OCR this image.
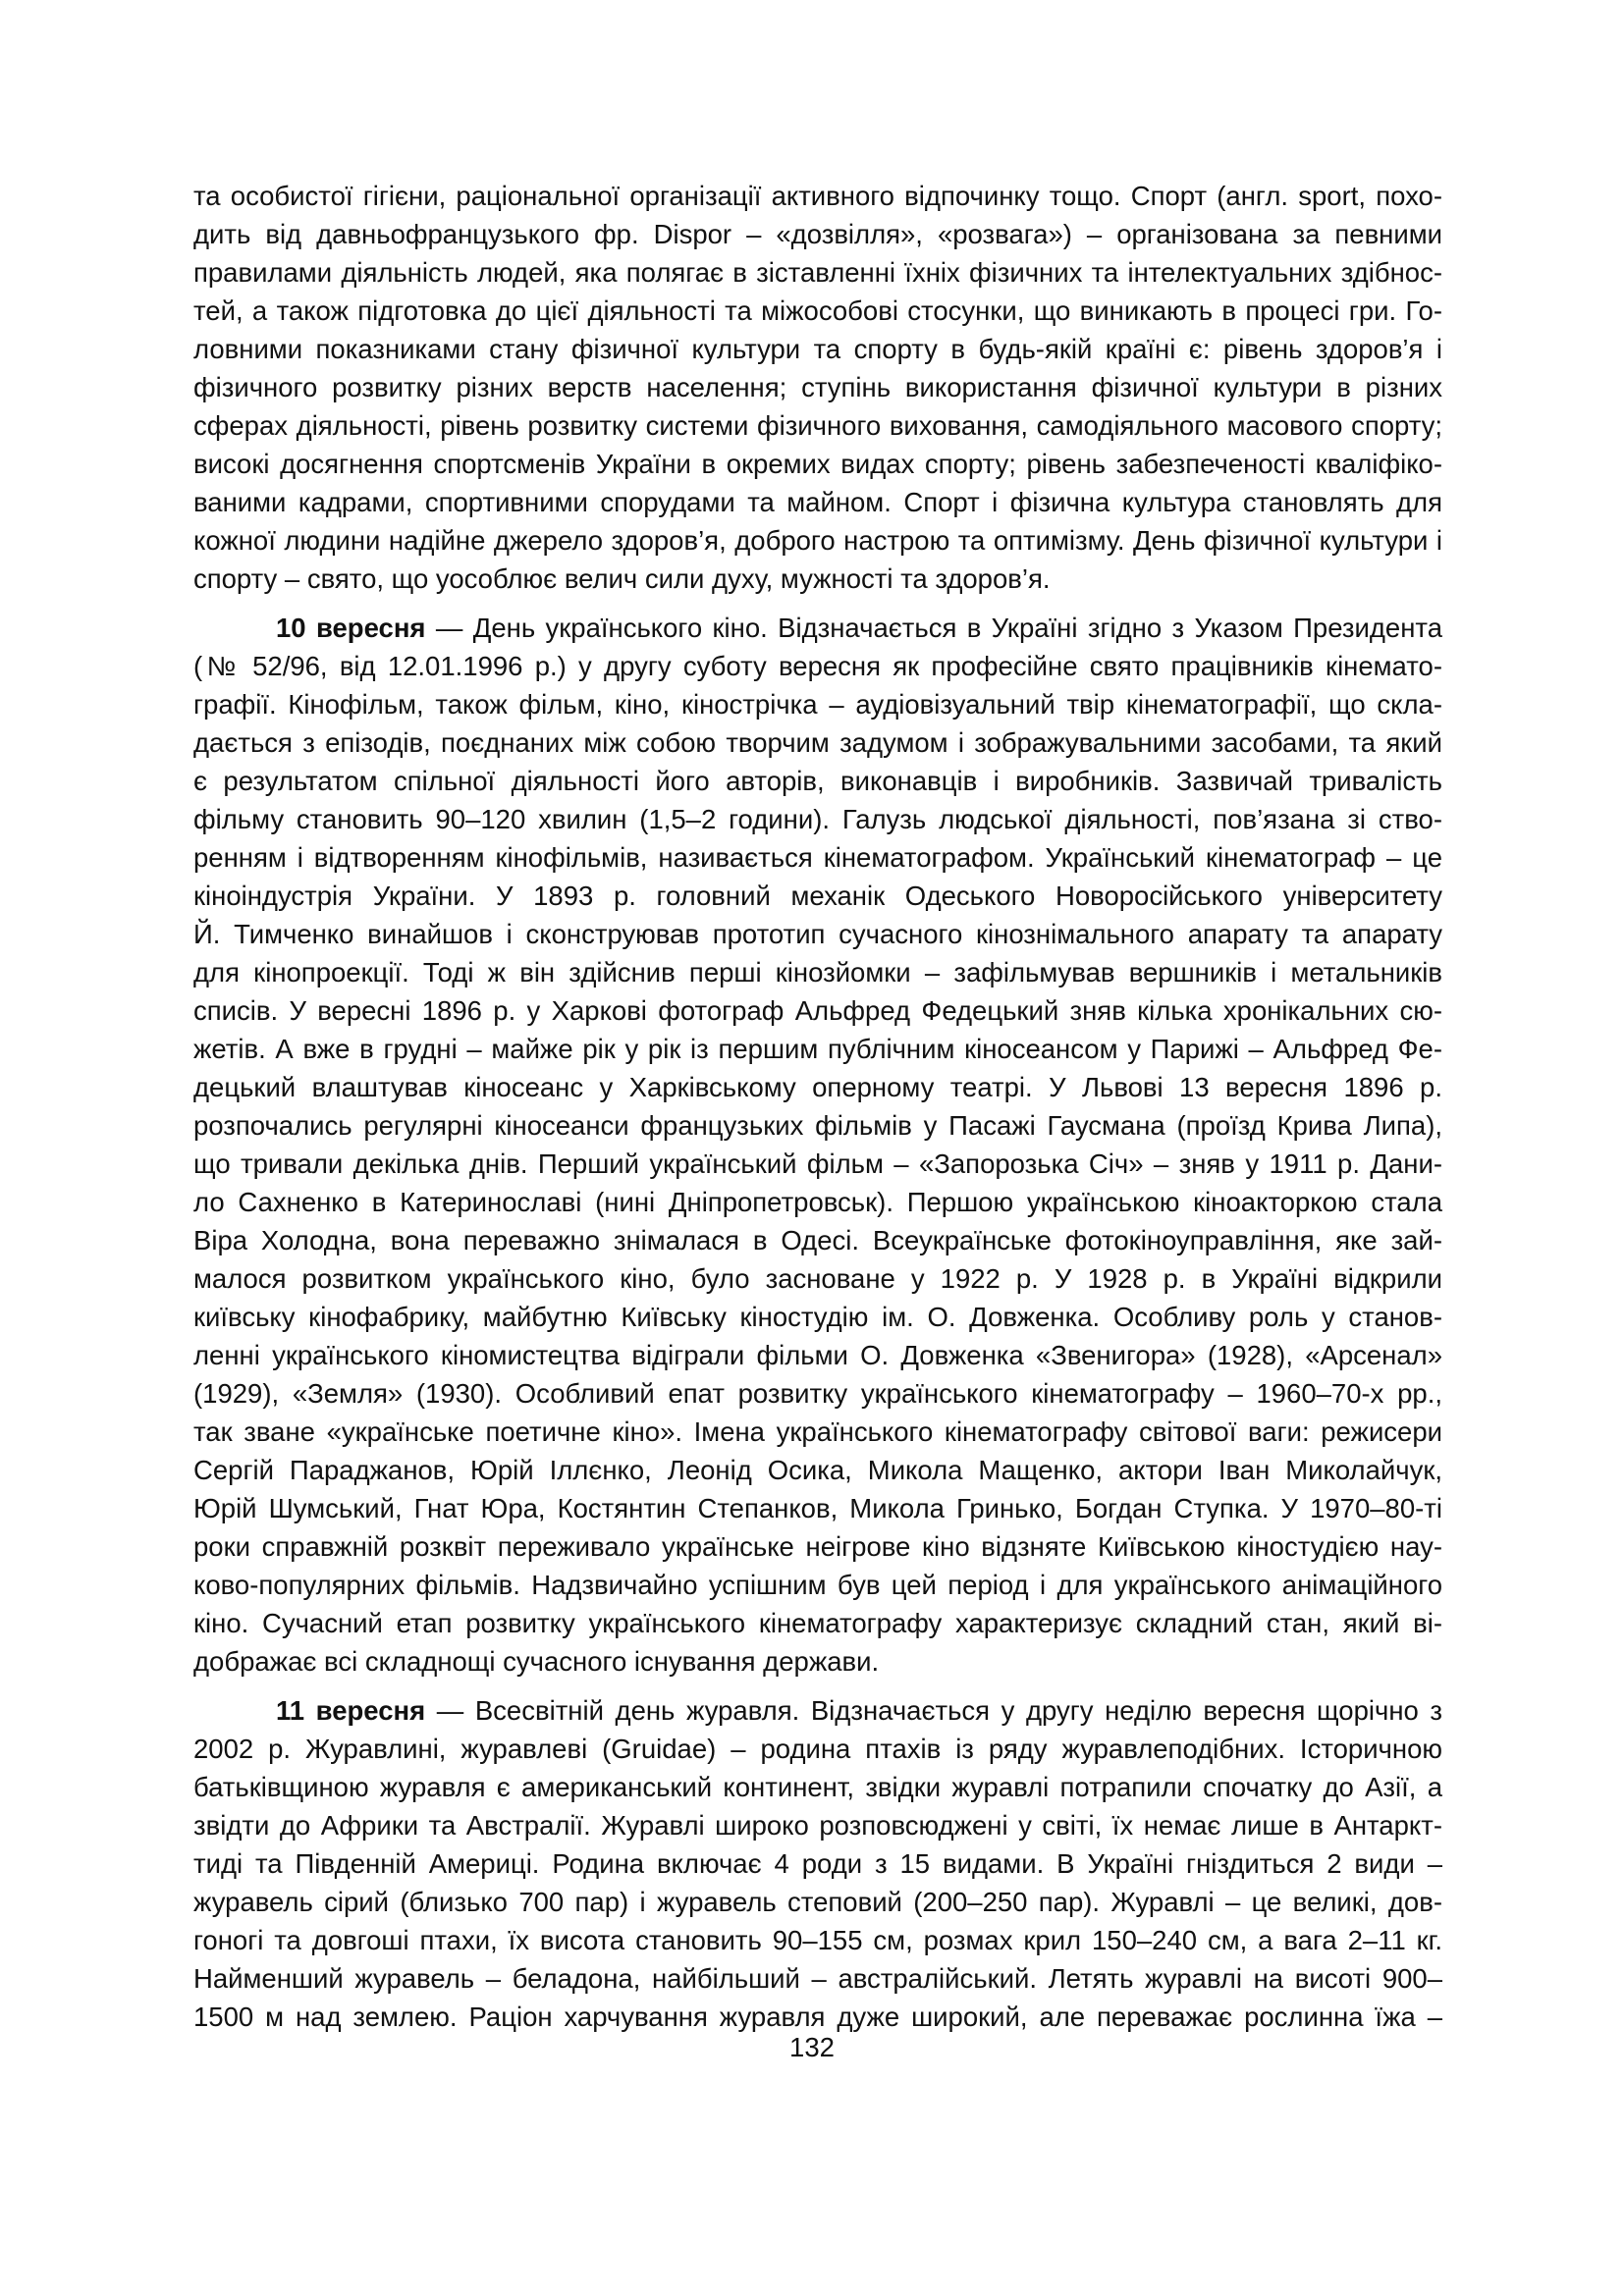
та особистої гігієни, раціональної організації активного відпочинку тощо. Спорт (англ. sport, похо-
дить від давньофранцузького фр. Dispor – «дозвілля», «розвага») – організована за певними
правилами діяльність людей, яка полягає в зіставленні їхніх фізичних та інтелектуальних здібнос-
тей, а також підготовка до цієї діяльності та міжособові стосунки, що виникають в процесі гри. Го-
ловними показниками стану фізичної культури та спорту в будь-якій країні є: рівень здоров’я і
фізичного розвитку різних верств населення; ступінь використання фізичної культури в різних
сферах діяльності, рівень розвитку системи фізичного виховання, самодіяльного масового спорту;
високі досягнення спортсменів України в окремих видах спорту; рівень забезпеченості кваліфіко-
ваними кадрами, спортивними спорудами та майном. Спорт і фізична культура становлять для
кожної людини надійне джерело здоров’я, доброго настрою та оптимізму. День фізичної культури і
спорту – свято, що уособлює велич сили духу, мужності та здоров’я.
10 вересня — День українського кіно. Відзначається в Україні згідно з Указом Президента
(№ 52/96, від 12.01.1996 р.) у другу суботу вересня як професійне свято працівників кінемато-
графії. Кінофільм, також фільм, кіно, кінострічка – аудіовізуальний твір кінематографії, що скла-
дається з епізодів, поєднаних між собою творчим задумом і зображувальними засобами, та який
є результатом спільної діяльності його авторів, виконавців і виробників. Зазвичай тривалість
фільму становить 90–120 хвилин (1,5–2 години). Галузь людської діяльності, пов’язана зі ство-
ренням і відтворенням кінофільмів, називається кінематографом. Український кінематограф – це
кіноіндустрія України. У 1893 р. головний механік Одеського Новоросійського університету
Й. Тимченко винайшов і сконструював прототип сучасного кінознімального апарату та апарату
для кінопроекції. Тоді ж він здійснив перші кінозйомки – зафільмував вершників і метальників
списів. У вересні 1896 р. у Харкові фотограф Альфред Федецький зняв кілька хронікальних сю-
жетів. А вже в грудні – майже рік у рік із першим публічним кіносеансом у Парижі – Альфред Фе-
децький влаштував кіносеанс у Харківському оперному театрі. У Львові 13 вересня 1896 р.
розпочались регулярні кіносеанси французьких фільмів у Пасажі Гаусмана (проїзд Крива Липа),
що тривали декілька днів. Перший український фільм – «Запорозька Січ» – зняв у 1911 р. Дани-
ло Сахненко в Катеринославі (нині Дніпропетровськ). Першою українською кіноакторкою стала
Віра Холодна, вона переважно знімалася в Одесі. Всеукраїнське фотокіноуправління, яке зай-
малося розвитком українського кіно, було засноване у 1922 р. У 1928 р. в Україні відкрили
київську кінофабрику, майбутню Київську кіностудію ім. О. Довженка. Особливу роль у станов-
ленні українського кіномистецтва відіграли фільми О. Довженка «Звенигора» (1928), «Арсенал»
(1929), «Земля» (1930). Особливий епат розвитку українського кінематографу – 1960–70-х рр.,
так зване «українське поетичне кіно». Імена українського кінематографу світової ваги: режисери
Сергій Параджанов, Юрій Іллєнко, Леонід Осика, Микола Мащенко, актори Іван Миколайчук,
Юрій Шумський, Гнат Юра, Костянтин Степанков, Микола Гринько, Богдан Ступка. У 1970–80-ті
роки справжній розквіт переживало українське неігрове кіно відзняте Київською кіностудією нау-
ково-популярних фільмів. Надзвичайно успішним був цей період і для українського анімаційного
кіно. Сучасний етап розвитку українського кінематографу характеризує складний стан, який ві-
дображає всі складнощі сучасного існування держави.
11 вересня — Всесвітній день журавля. Відзначається у другу неділю вересня щорічно з
2002 р. Журавлині, журавлеві (Gruidae) – родина птахів із ряду журавлеподібних. Історичною
батьківщиною журавля є американський континент, звідки журавлі потрапили спочатку до Азії, а
звідти до Африки та Австралії. Журавлі широко розповсюджені у світі, їх немає лише в Антаркт-
тиді та Південній Америці. Родина включає 4 роди з 15 видами. В Україні гніздиться 2 види –
журавель сірий (близько 700 пар) і журавель степовий (200–250 пар). Журавлі – це великі, дов-
гоногі та довгоші птахи, їх висота становить 90–155 см, розмах крил 150–240 см, а вага 2–11 кг.
Найменший журавель – беладона, найбільший – австралійський. Летять журавлі на висоті 900–
1500 м над землею. Раціон харчування журавля дуже широкий, але переважає рослинна їжа –
132
